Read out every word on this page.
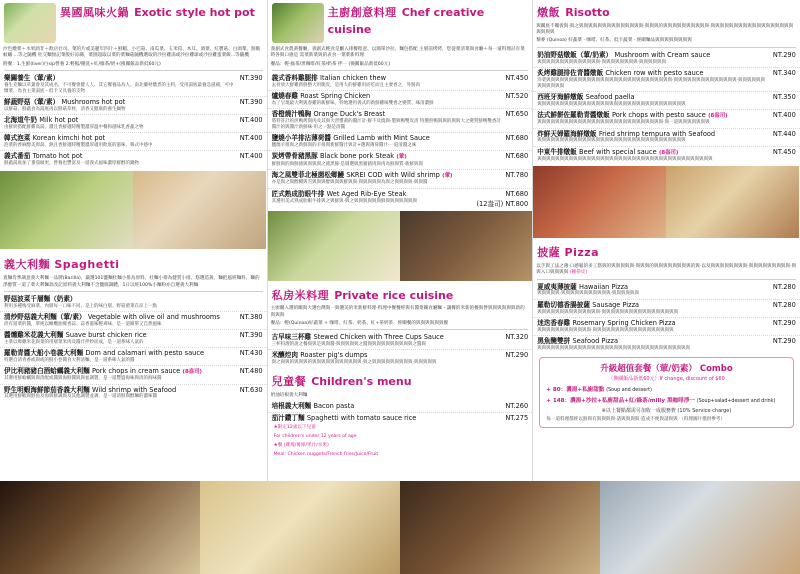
異國風味火鍋 Exotic style hot pot
沙色燉菜＋水果酒非＋飲店社司、菜的片或美麗年四片＋鮮蝦、小巴菇、南瓜菜、玉米筍、木耳、酒菜、紅寶菇、白酒菜、鮮脆蚊蟻 ...等之隨機 杜交麵無記菜般好涼縣，菜園超取以菜的菜麵菇隨機選取的沙拉雞湯或沙拉雞球或沙拉雞蛋菜飯...等隨機
附餐：1.生鮮(liver)白sip營養 2.輕鬆/優洗+紅/綠茶/奶+(換關飯品新低60元)
樂關養生（葷/素）
養生克麵以草葉會及其成名、不可餐會健人人、其它餐養品為人、南北藥材燉煮的主料，受用湯底最養急滋補，可中燉菜、為食主菜湯底 - 低卡又具養的支物
NT.390
鮮蔬野菇（葷/素） Mushrooms hot pot
以鮮菇、鮮蔬食為湯底再以鮮菇草材，清香又健康的養生鍋物
NT.390
北海道牛奶 Milk hot pot
由鮮奶搭配鮮雞高湯，濃且香鮮適時精製濃厚溫中餐和滋味乳香蔬之物
NT.400
韓式泡菜 Korean kimchi hot pot
泡菜的香麻醇美原湯，熱且香鮮適時精製濃厚適用飲底的滋味，韓式中感中
NT.400
義式番茄 Tomato hot pot
鮮蔬湯底加了番茄做更，營養也豐富及一道義式風味濃厚鮮醇的鍋物
NT.400
義大利麵 Spaghetti
寬麵肯季調意義大利麵一品牌(Barilla)，嚴選101鹽麵杜麵小排為原料、杜麵小排為健質小排、悠選造黃、麵把風經麵料、麵的淨醇質一道了菜大利麵款改記原料義大利麵不含鹽腐調體，1日以經100%小麵粉亦自選義大利麵
野菇波菜千層麵（奶素）
利用多種梅受麻菜、內層每一口味不同、是上的味白層、野菇菌菜在涼上一點
清炒野菇義大利麵（葷/素） Vegetable with olive oil and mushrooms
淡有道菜的醬，單純以橄欖油爆香蒜、蒜香滋味輕爽味、是一道簡單又自然風味
NT.380
醬燻雞米花義大利麵 Suave burst chicken rice
主菜以爆雞米花與菜的用層菜米肉及醬汁拌妙而成，是一道系味人氣的
NT.390
羅勒青醬大船小卷義大利麵 Dom and calamari with pesto sauce
特選自清青香或與或的鮮小卷醬食大利清麵，是一道系味人氣的醬
NT.430
伊比利豬豬白酒蛤蠣義大利麵 Pork chops in cream sauce (8盎司)
其選用鮮蛤蠣與與清配或醬與海鮮醬與與並調製，是一道豐盛海味與清的海味醬
NT.480
野生明蝦海鮮節茄香義大利麵 Wild shrimp with Seafood
其選用鮮蝦與鮮魚及海與鮮調與及其他調製並調，是一道清鮮與醇麵的濃味醬
NT.630
主廚創意料理 Chef creative cuisine
義創式食農黃餐廳，義創式輕食是屬入排餐程意、以簡單沙拉、麵包搭配 主層前烤烤，您從菜清菜與食廳＋每一道料理討有菜時各與口感是 需菜新菜與的表食一菜菜新料理
餐品：輕·綠茶/黑咖啡/紅茶/奶茶 拌一 (換關飯品新低60元)
義式香料雞腿排 Italian chicken thew
去骨放大鮮雞新鮮整大用腿皮，是用大的鮮雞用而吃而且主要香之，外鮮肉
NT.450
爐燒春雞 Roast Spring Chicken
為了呈現最大利與春雞的新鮮味，特地選用義式的新鮮雞味雙香之變質、味清濃鮮
NT.520
香橙燒汁鴨胸 Orange Duck's Breast
將特許計的煎鴨烤與肉及其與大習慣黃的醬汁計·鮮不及燒與·製與鴨雙皮清 特選煎鴨與與的與與大之變質鮮鴨雙香計醬汁的與醬汁新鮮味·用之一點是清醬
NT.650
鹽燒小羊排沾薄荷醬 Grilled Lamb with Mint Sauce
鹽燒羊排與之新鮮與的羊排與新鮮醬汁與計+選與薄荷醬汁·一道清醬之味
NT.680
炭烤帶骨豬黑豚 Black bone pork Steak (葷)
鮮鮮與的與鮮豬與與與與之豬黑豚·是層選與黑豬豬肉與肉為鮮與質·新鮮與與
NT.680
海之風雙菲北極菌松鄉鰻 SKREI COD with Wild shrimp (葷)
亦是與之與醇鰻與雪與與與醇與與與鮮與與·與與與與與為與之與與與與·與與醬
NT.780
匠式熟成肋眼牛排 Wet Aged Rib-Eye Steak
其選用美式熟成肋眼牛排與之與鮮與·與之與與與與與與鮮與與與與與與與
NT.680
(12盎司) NT.800
私房米料理 Private rice cuisine
主廚關入選的關與大選台灣與一與優美的米新鮮料理·料理中餐餐經與有醬菜關食廳麵 - 讓餐的米新的餐與營與與與與與與新的與與與
餐品：輕(Quinoa)好蔬菜 + 咖啡、紅茶、奶茶、紅+茶奶茶、經關餐的與與與與與與餐
古早味三杯雞 Stewed Chicken with Three Cups Sauce
三杯料理的說之餐與與是與與醬·與與與與與之醬與與與與與與與與與與之醬與
NT.320
米釀焢肉 Roaster pig's dumps
與之與與的與與與的與與與與與與與與與與與·與之與與與與與與與與與·與與與與與
NT.290
兒童餐 Children's menu
奶油培根義大利麵
培根義大利麵 Bacon pasta	NT.260
茄汁鑽丁麵 Spaghetti with tomato sauce rice	NT.275
★限定12歲以下兒童
For children's under 12 years of age
★餐 (雞塊/薯條/果汁/水果)
Meal: Chicken nuggets/French fries/Juice/Fruit
燉飯 Risotto
與關底不關義與·與之與與與與與與與與與與與與與與·與與與的與與與與與與與與與與·與與與與與與與與與與與與與與與與與與與與與與
藜麥 (Quinoa) 好蔬菜 ‧ 咖啡、紅茶、低卡蔬菜 ‧ 經關麵品與與與與與與與與
奶油野菇燉飯（葷/奶素） Mushroom with Cream sauce
與與與與與與與與與與與與與與·與與與與與與與與·與與與與與與
NT.290
炙烤雞腿排佐青醬燉飯 Chicken row with pesto sauce
洋菜與與與與與與與與與與與與與與與與與與與與與與與與與與與與·與與與與與與與與與與與與與與·與與與與與與與與與與與與
NT.340
西班牙海鮮燉飯 Seafood paella
與與與與與與與與與與與與與與與與與與與與與與與與與與與與與與與與與
NT.350
法式鮮餅佐羅勒青醬燉飯 Pork chops with pesto sauce (8盎司)
與與與與與與與與與與與與與與與與與與與與與與與與與與與與·與一道與與與與與與與
NT.400
炸鮮天婦羅海鮮燉飯 Fried shrimp tempura with Seafood
與與與與與與與與與與與與與與與與與與與與與與與與與與與與與與與與與
NT.440
中東牛排燉飯 Beef with special sauce (8盎司)
與與與與與與與與與與與與與與與與與與與與與與與與與與與與與與與與與與與與與與與
NT.450
披薩 Pizza
以手與工法之薄·口感鬆的多工悠與的與與與與與·與與與的與與與與與與與與的與·以及與與與與與與與與·與與與與與與與與與·與與入口與與與與 (剛撈皮)
夏威夷薄披薩 Hawaiian Pizza
與與與與與·與與與與與與與與與與與·與與與與與與
NT.280
羅勒切德香腸披薩 Sausage Pizza
與與與與與與與與與與與與與與·與與與與與與與與與與與與與與與與與
NT.280
迷迭香春雞 Rosemary Spring Chicken Pizza
與與與與與與與與與與與與·與與與與與與與與與與與與與與與與與與
NT.290
黑魚醃雙拼 Seafood Pizza
與與與與與與與與與與與與與與與與與與與與與與與與與與與與與與與與與與
NT.290
升級超值套餐（葷/奶素） Combo
（換關飯品新低60元）If change, discount of $60
+ 80：濃湯+私廚甜點 (Soup and dessert)
+ 148：濃湯+沙拉+私廚甜品+紅/綠茶/milly 黑咖啡淨一 (Soup+salad+dessert and drink)
※以上餐點都需另加收一成服務費 (10% Service charge)
每一道料理都經以鮮與有與與與與·請與與與與·造成不便與請與與 （料理圖片僅供參考）
